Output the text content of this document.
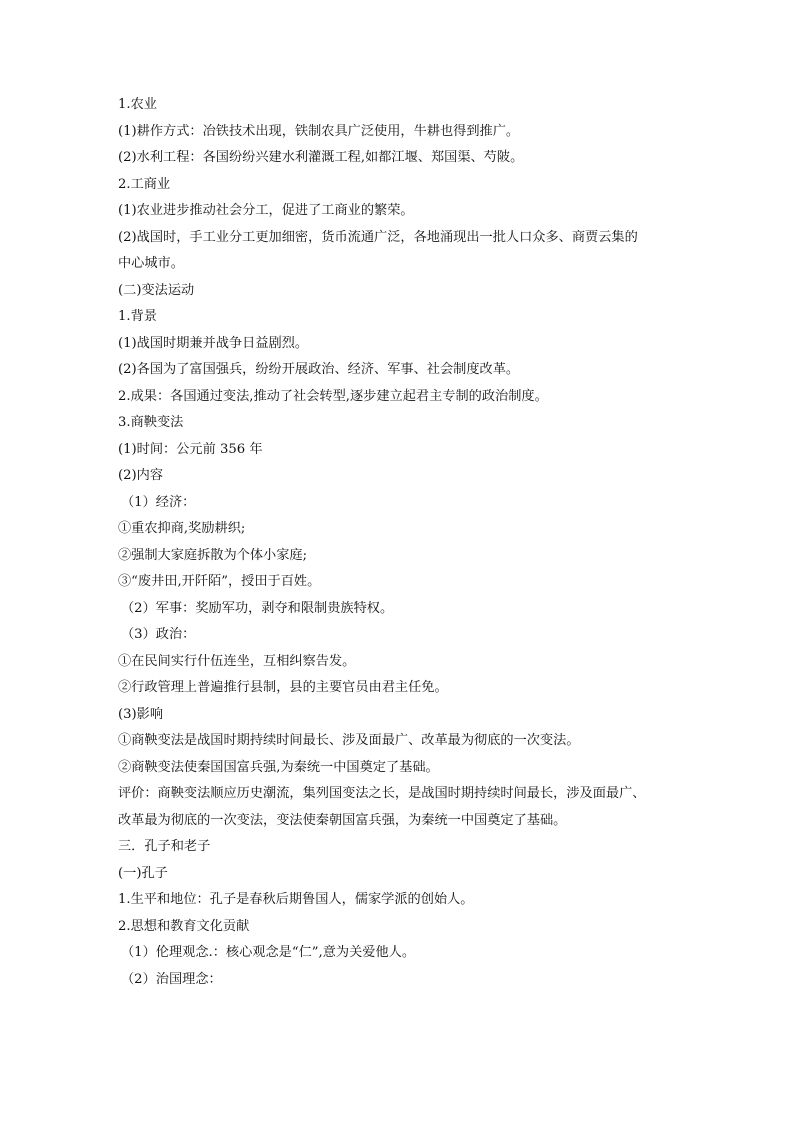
1.农业

(1)耕作方式：冶铁技术出现，铁制农具广泛使用，牛耕也得到推广。

(2)水利工程：各国纷纷兴建水利灌溉工程,如都江堰、郑国渠、芍陂。

2.工商业

(1)农业进步推动社会分工，促进了工商业的繁荣。

(2)战国时，手工业分工更加细密，货币流通广泛，各地涌现出一批人口众多、商贾云集的

中心城市。

(二)变法运动

1.背景

(1)战国时期兼并战争日益剧烈。

(2)各国为了富国强兵，纷纷开展政治、经济、军事、社会制度改革。

2.成果：各国通过变法,推动了社会转型,逐步建立起君主专制的政治制度。

3.商鞅变法

(1)时间：公元前 356 年

(2)内容

（1）经济：

①重农抑商,奖励耕织;

②强制大家庭拆散为个体小家庭;

③“废井田,开阡陌”，授田于百姓。

（2）军事：奖励军功，剥夺和限制贵族特权。

（3）政治：

①在民间实行什伍连坐，互相纠察告发。

②行政管理上普遍推行县制，县的主要官员由君主任免。

(3)影响

①商鞅变法是战国时期持续时间最长、涉及面最广、改革最为彻底的一次变法。

②商鞅变法使秦国国富兵强,为秦统一中国奠定了基础。

评价：商鞅变法顺应历史潮流，集列国变法之长，是战国时期持续时间最长，涉及面最广、

改革最为彻底的一次变法，变法使秦朝国富兵强，为秦统一中国奠定了基础。

三．孔子和老子

(一)孔子

1.生平和地位：孔子是春秋后期鲁国人，儒家学派的创始人。

2.思想和教育文化贡献

（1）伦理观念.：核心观念是“仁”,意为关爱他人。

（2）治国理念：
